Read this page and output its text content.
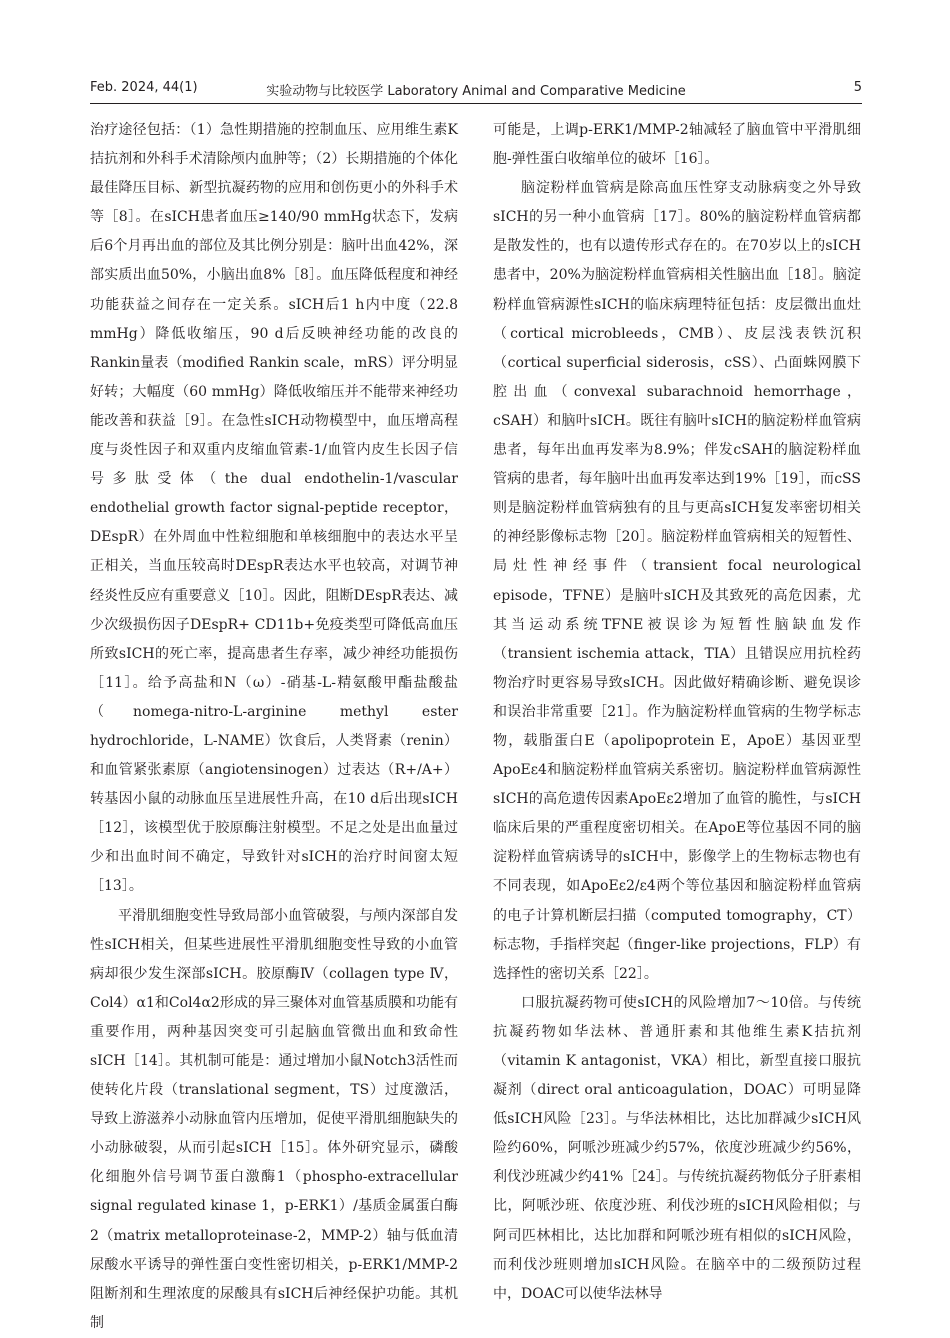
Feb. 2024, 44(1)	实验动物与比较医学 Laboratory Animal and Comparative Medicine	5

治疗途径包括：（1）急性期措施的控制血压、应用维生素K拮抗剂和外科手术清除颅内血肿等；（2）长期措施的个体化最佳降压目标、新型抗凝药物的应用和创伤更小的外科手术等［8］。在sICH患者血压≥140/90 mmHg状态下，发病后6个月再出血的部位及其比例分别是：脑叶出血42%，深部实质出血50%，小脑出血8%［8］。血压降低程度和神经功能获益之间存在一定关系。sICH后1 h内中度（22.8 mmHg）降低收缩压，90 d后反映神经功能的改良的Rankin量表（modified Rankin scale，mRS）评分明显好转；大幅度（60 mmHg）降低收缩压并不能带来神经功能改善和获益［9］。在急性sICH动物模型中，血压增高程度与炎性因子和双重内皮缩血管素-1/血管内皮生长因子信号多肽受体（the dual endothelin-1/vascular endothelial growth factor signal-peptide receptor，DEspR）在外周血中性粒细胞和单核细胞中的表达水平呈正相关，当血压较高时DEspR表达水平也较高，对调节神经炎性反应有重要意义［10］。因此，阻断DEspR表达、减少次级损伤因子DEspR+ CD11b+免疫类型可降低高血压所致sICH的死亡率，提高患者生存率，减少神经功能损伤［11］。给予高盐和N（ω）-硝基-L-精氨酸甲酯盐酸盐（nomega-nitro-L-arginine methyl ester hydrochloride，L-NAME）饮食后，人类肾素（renin）和血管紧张素原（angiotensinogen）过表达（R+/A+）转基因小鼠的动脉血压呈进展性升高，在10 d后出现sICH［12］，该模型优于胶原酶注射模型。不足之处是出血量过少和出血时间不确定，导致针对sICH的治疗时间窗太短［13］。

平滑肌细胞变性导致局部小血管破裂，与颅内深部自发性sICH相关，但某些进展性平滑肌细胞变性导致的小血管病却很少发生深部sICH。胶原酶Ⅳ（collagen type Ⅳ，Col4）α1和Col4α2形成的异三聚体对血管基质膜和功能有重要作用，两种基因突变可引起脑血管微出血和致命性sICH［14］。其机制可能是：通过增加小鼠Notch3活性而使转化片段（translational segment，TS）过度激活，导致上游滋养小动脉血管内压增加，促使平滑肌细胞缺失的小动脉破裂，从而引起sICH［15］。体外研究显示，磷酸化细胞外信号调节蛋白激酶1（phospho-extracellular signal regulated kinase 1，p-ERK1）/基质金属蛋白酶2（matrix metalloproteinase-2，MMP-2）轴与低血清尿酸水平诱导的弹性蛋白变性密切相关，p-ERK1/MMP-2阻断剂和生理浓度的尿酸具有sICH后神经保护功能。其机制

可能是，上调p-ERK1/MMP-2轴减轻了脑血管中平滑肌细胞-弹性蛋白收缩单位的破坏［16］。

脑淀粉样血管病是除高血压性穿支动脉病变之外导致sICH的另一种小血管病［17］。80%的脑淀粉样血管病都是散发性的，也有以遗传形式存在的。在70岁以上的sICH患者中，20%为脑淀粉样血管病相关性脑出血［18］。脑淀粉样血管病源性sICH的临床病理特征包括：皮层微出血灶（cortical microbleeds，CMB）、皮层浅表铁沉积（cortical superficial siderosis，cSS）、凸面蛛网膜下腔出血（convexal subarachnoid hemorrhage，cSAH）和脑叶sICH。既往有脑叶sICH的脑淀粉样血管病患者，每年出血再发率为8.9%；伴发cSAH的脑淀粉样血管病的患者，每年脑叶出血再发率达到19%［19］，而cSS则是脑淀粉样血管病独有的且与更高sICH复发率密切相关的神经影像标志物［20］。脑淀粉样血管病相关的短暂性、局灶性神经事件（transient focal neurological episode，TFNE）是脑叶sICH及其致死的高危因素，尤其当运动系统TFNE被误诊为短暂性脑缺血发作（transient ischemia attack，TIA）且错误应用抗栓药物治疗时更容易导致sICH。因此做好精确诊断、避免误诊和误治非常重要［21］。作为脑淀粉样血管病的生物学标志物，载脂蛋白E（apolipoprotein E，ApoE）基因亚型ApoEε4和脑淀粉样血管病关系密切。脑淀粉样血管病源性sICH的高危遗传因素ApoEε2增加了血管的脆性，与sICH临床后果的严重程度密切相关。在ApoE等位基因不同的脑淀粉样血管病诱导的sICH中，影像学上的生物标志物也有不同表现，如ApoEε2/ε4两个等位基因和脑淀粉样血管病的电子计算机断层扫描（computed tomography，CT）标志物，手指样突起（finger-like projections，FLP）有选择性的密切关系［22］。

口服抗凝药物可使sICH的风险增加7～10倍。与传统抗凝药物如华法林、普通肝素和其他维生素K拮抗剂（vitamin K antagonist，VKA）相比，新型直接口服抗凝剂（direct oral anticoagulation，DOAC）可明显降低sICH风险［23］。与华法林相比，达比加群减少sICH风险约60%，阿哌沙班减少约57%，依度沙班减少约56%，利伐沙班减少约41%［24］。与传统抗凝药物低分子肝素相比，阿哌沙班、依度沙班、利伐沙班的sICH风险相似；与阿司匹林相比，达比加群和阿哌沙班有相似的sICH风险，而利伐沙班则增加sICH风险。在脑卒中的二级预防过程中，DOAC可以使华法林导
